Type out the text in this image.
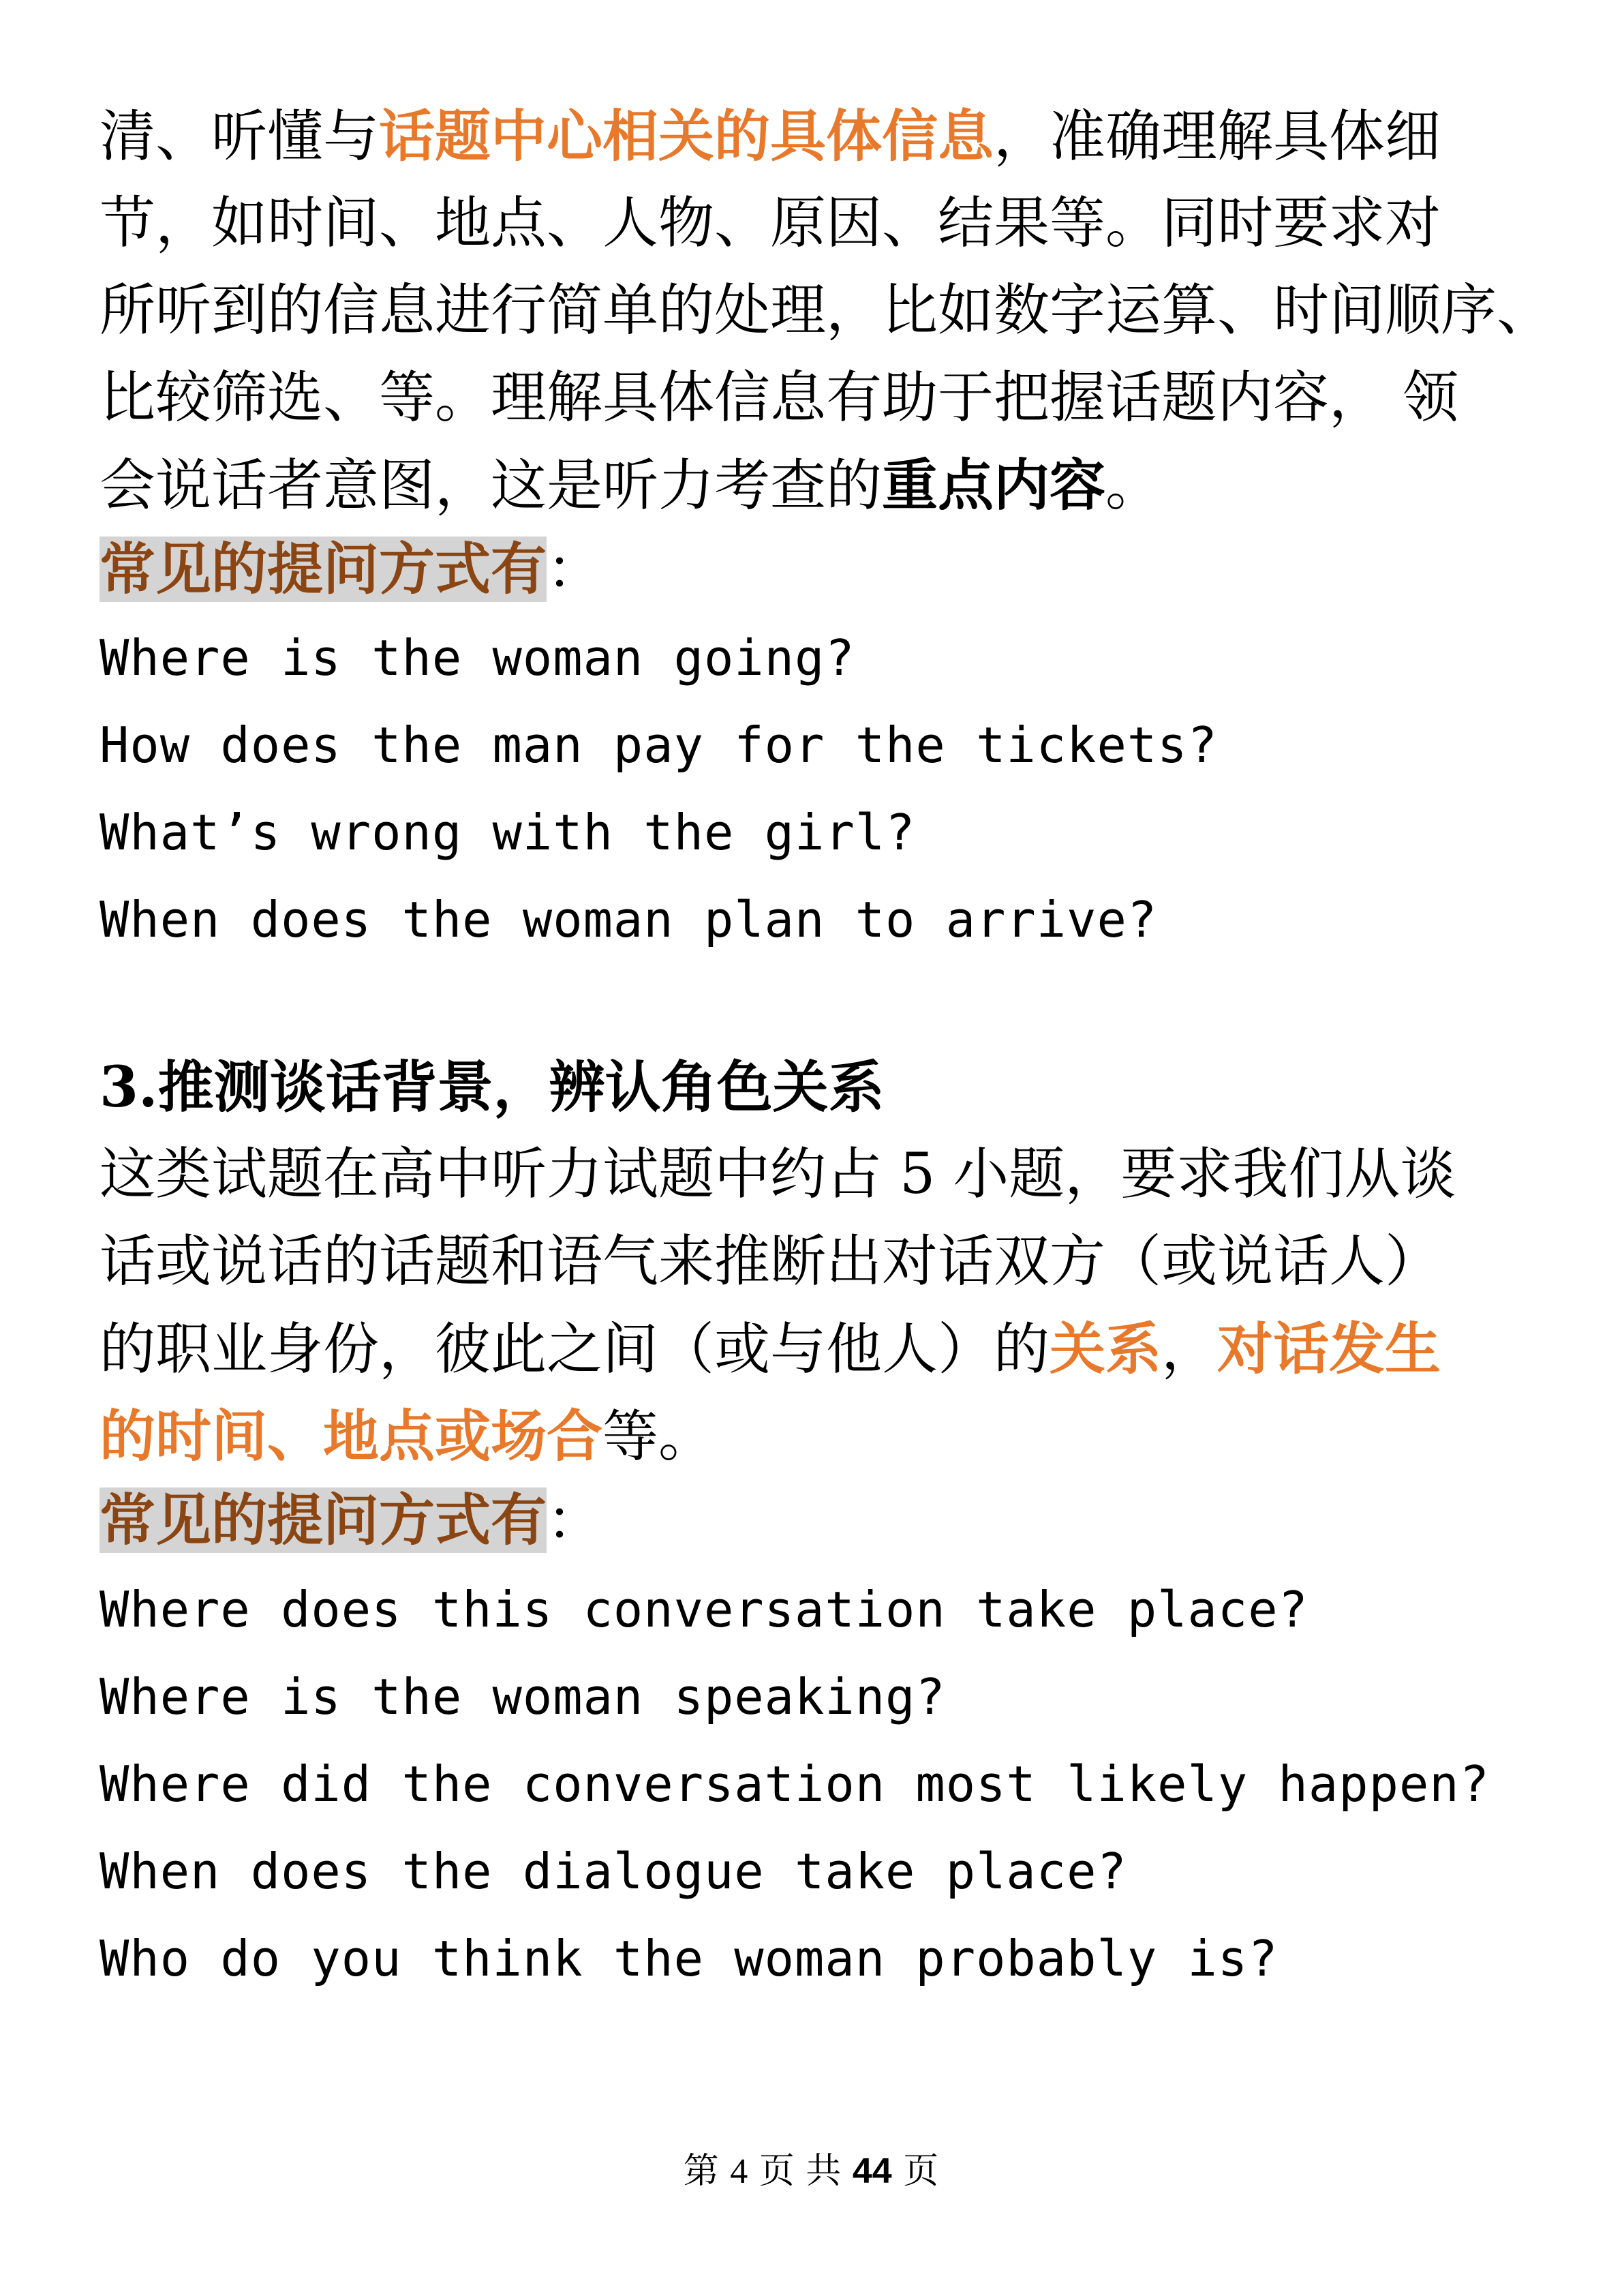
清、听懂与话题中心相关的具体信息，准确理解具体细

节，如时间、地点、人物、原因、结果等。同时要求对

所听到的信息进行简单的处理，比如数字运算、时间顺序、

比较筛选、等。理解具体信息有助于把握话题内容， 领

会说话者意图，这是听力考查的重点内容。

常见的提问方式有：

Where is the woman going?

How does the man pay for the tickets?

What’s wrong with the girl?

When does the woman plan to arrive?

3.推测谈话背景，辨认角色关系

这类试题在高中听力试题中约占 5 小题，要求我们从谈

话或说话的话题和语气来推断出对话双方（或说话人）

的职业身份，彼此之间（或与他人）的关系，对话发生

的时间、地点或场合等。

常见的提问方式有：

Where does this conversation take place?

Where is the woman speaking?

Where did the conversation most likely happen?

When does the dialogue take place?

Who do you think the woman probably is?

第 4 页 共 44 页
